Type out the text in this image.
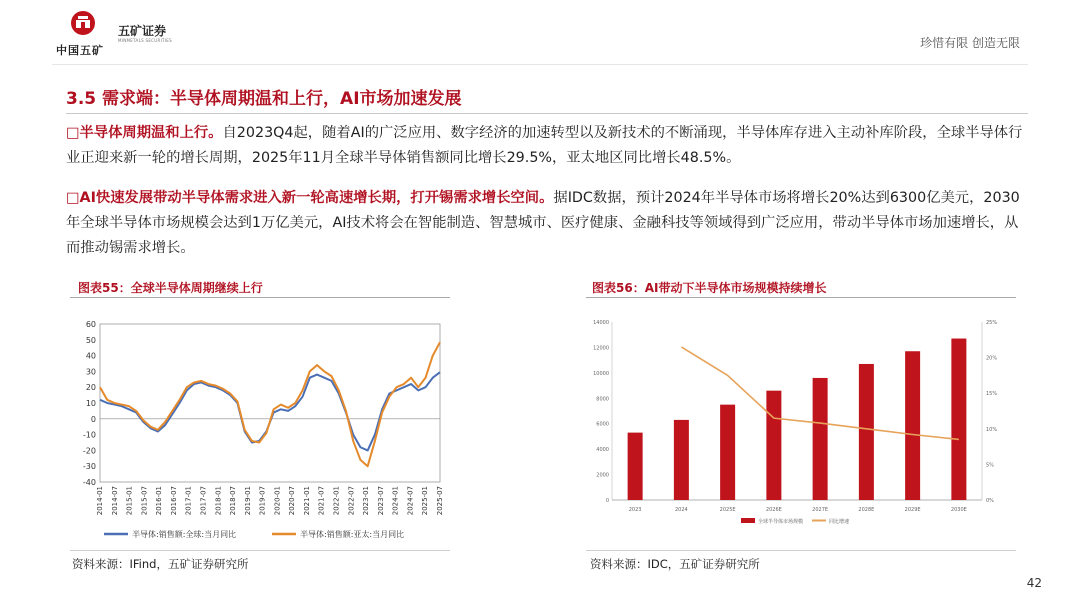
中国五矿
五矿证券
MINMETALS SECURITIES	珍惜有限 创造无限
3.5 需求端：半导体周期温和上行，AI市场加速发展
□半导体周期温和上行。自2023Q4起，随着AI的广泛应用、数字经济的加速转型以及新技术的不断涌现，半导体库存进入主动补库阶段，全球半导体行业正迎来新一轮的增长周期，2025年11月全球半导体销售额同比增长29.5%，亚太地区同比增长48.5%。
□AI快速发展带动半导体需求进入新一轮高速增长期，打开锡需求增长空间。据IDC数据，预计2024年半导体市场将增长20%达到6300亿美元，2030年全球半导体市场规模会达到1万亿美元，AI技术将会在智能制造、智慧城市、医疗健康、金融科技等领域得到广泛应用，带动半导体市场加速增长，从而推动锡需求增长。
图表55：全球半导体周期继续上行	图表56：AI带动下半导体市场规模持续增长
60
50
40
30
20
10
0
-10
-20
-30
-40
2014-01 2014-07 2015-01 2015-07 2016-01 2016-07 2017-01 2017-07 2018-01 2018-07 2019-01 2019-07 2020-01 2020-07 2021-01 2021-07 2022-01 2022-07 2023-01 2023-07 2024-01 2024-07 2025-01 2025-07
半导体:销售额:全球:当月同比	半导体:销售额:亚太:当月同比
0
2000
4000
6000
8000
10000
12000
14000
0%
5%
10%
15%
20%
25%
2023	2024	2025E	2026E	2027E	2028E	2029E	2030E
全球半导体市场规模	同比增速
资料来源：IFind，五矿证券研究所	资料来源：IDC，五矿证券研究所
42
